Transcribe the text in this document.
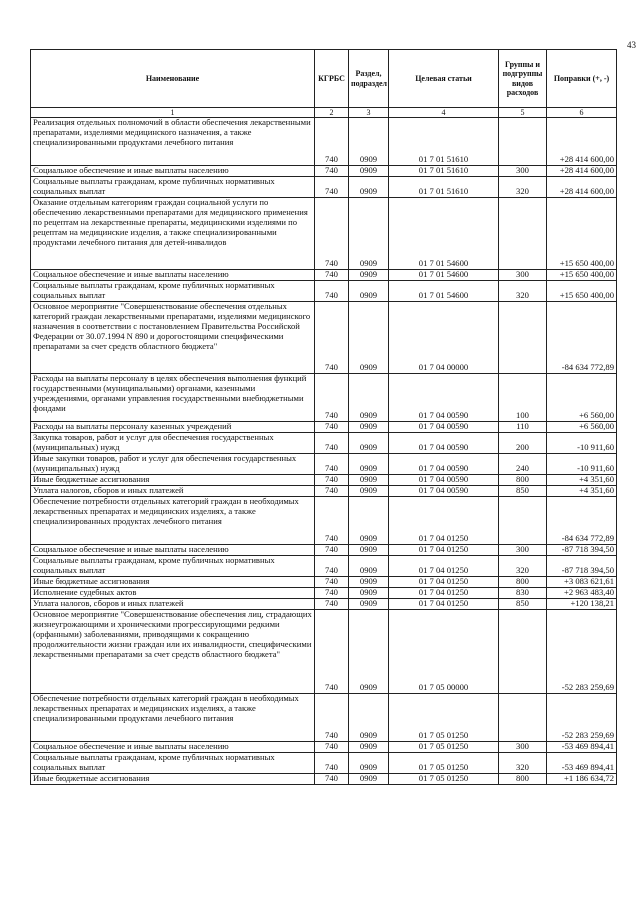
43
Наименование	КГРБС	Раздел, подраздел	Целевая статьи	Группы и подгруппы видов расходов	Поправки (+, -)
1	2	3	4	5	6
Реализация отдельных полномочий в области обеспечения лекарственными препаратами, изделиями медицинского назначения, а также специализированными продуктами лечебного питания	740	0909	01 7 01 51610		+28 414 600,00
Социальное обеспечение и иные выплаты населению	740	0909	01 7 01 51610	300	+28 414 600,00
Социальные выплаты гражданам, кроме публичных нормативных социальных выплат	740	0909	01 7 01 51610	320	+28 414 600,00
Оказание отдельным категориям граждан социальной услуги по обеспечению лекарственными препаратами для медицинского применения по рецептам на лекарственные препараты, медицинскими изделиями по рецептам на медицинские изделия, а также специализированными продуктами лечебного питания для детей-инвалидов	740	0909	01 7 01 54600		+15 650 400,00
Социальное обеспечение и иные выплаты населению	740	0909	01 7 01 54600	300	+15 650 400,00
Социальные выплаты гражданам, кроме публичных нормативных социальных выплат	740	0909	01 7 01 54600	320	+15 650 400,00
Основное мероприятие "Совершенствование обеспечения отдельных категорий граждан лекарственными препаратами, изделиями медицинского назначения в соответствии с постановлением Правительства Российской Федерации от 30.07.1994 N 890 и дорогостоящими специфическими препаратами за счет средств областного бюджета"	740	0909	01 7 04 00000		-84 634 772,89
Расходы на выплаты персоналу в целях обеспечения выполнения функций государственными (муниципальными) органами, казенными учреждениями, органами управления государственными внебюджетными фондами	740	0909	01 7 04 00590	100	+6 560,00
Расходы на выплаты персоналу казенных учреждений	740	0909	01 7 04 00590	110	+6 560,00
Закупка товаров, работ и услуг для обеспечения государственных (муниципальных) нужд	740	0909	01 7 04 00590	200	-10 911,60
Иные закупки товаров, работ и услуг для обеспечения государственных (муниципальных) нужд	740	0909	01 7 04 00590	240	-10 911,60
Иные бюджетные ассигнования	740	0909	01 7 04 00590	800	+4 351,60
Уплата налогов, сборов и иных платежей	740	0909	01 7 04 00590	850	+4 351,60
Обеспечение потребности отдельных категорий граждан в необходимых лекарственных препаратах и медицинских изделиях, а также специализированных продуктах лечебного питания	740	0909	01 7 04 01250		-84 634 772,89
Социальное обеспечение и иные выплаты населению	740	0909	01 7 04 01250	300	-87 718 394,50
Социальные выплаты гражданам, кроме публичных нормативных социальных выплат	740	0909	01 7 04 01250	320	-87 718 394,50
Иные бюджетные ассигнования	740	0909	01 7 04 01250	800	+3 083 621,61
Исполнение судебных актов	740	0909	01 7 04 01250	830	+2 963 483,40
Уплата налогов, сборов и иных платежей	740	0909	01 7 04 01250	850	+120 138,21
Основное мероприятие "Совершенствование обеспечения лиц, страдающих жизнеугрожающими и хроническими прогрессирующими редкими (орфанными) заболеваниями, приводящими к сокращению продолжительности жизни граждан или их инвалидности, специфическими лекарственными препаратами за счет средств областного бюджета"	740	0909	01 7 05 00000		-52 283 259,69
Обеспечение потребности отдельных категорий граждан в необходимых лекарственных препаратах и медицинских изделиях, а также специализированными продуктами лечебного питания	740	0909	01 7 05 01250		-52 283 259,69
Социальное обеспечение и иные выплаты населению	740	0909	01 7 05 01250	300	-53 469 894,41
Социальные выплаты гражданам, кроме публичных нормативных социальных выплат	740	0909	01 7 05 01250	320	-53 469 894,41
Иные бюджетные ассигнования	740	0909	01 7 05 01250	800	+1 186 634,72
